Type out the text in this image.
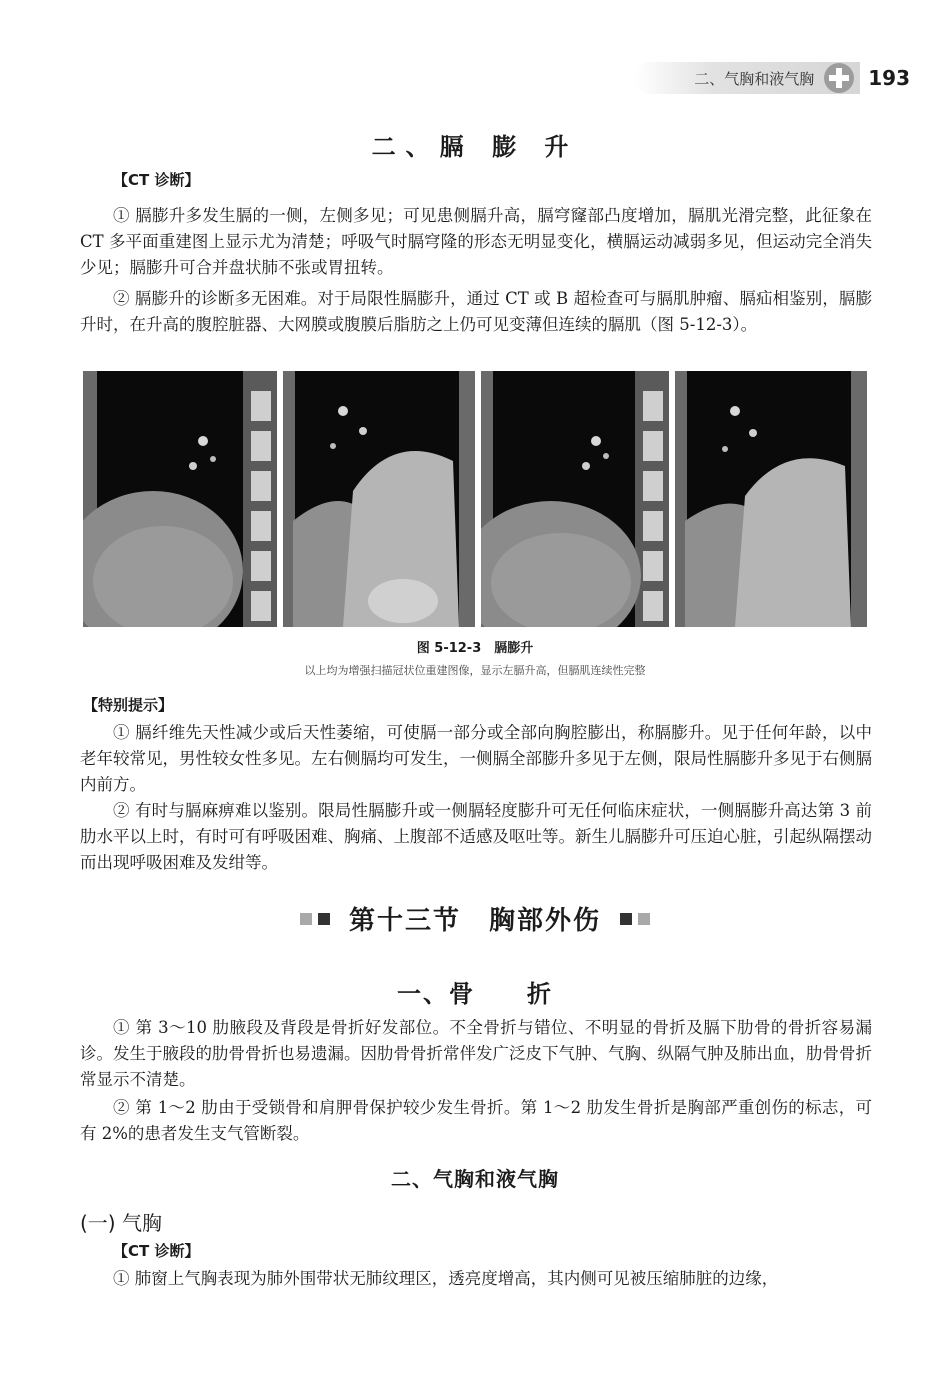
二、气胸和液气胸	193
二、膈 膨 升
【CT 诊断】

① 膈膨升多发生膈的一侧，左侧多见；可见患侧膈升高，膈穹窿部凸度增加，膈肌光滑完整，此征象在 CT 多平面重建图上显示尤为清楚；呼吸气时膈穹隆的形态无明显变化，横膈运动减弱多见，但运动完全消失少见；膈膨升可合并盘状肺不张或胃扭转。

② 膈膨升的诊断多无困难。对于局限性膈膨升，通过 CT 或 B 超检查可与膈肌肿瘤、膈疝相鉴别，膈膨升时，在升高的腹腔脏器、大网膜或腹膜后脂肪之上仍可见变薄但连续的膈肌（图 5-12-3）。

图 5-12-3　膈膨升
以上均为增强扫描冠状位重建图像，显示左膈升高，但膈肌连续性完整
【特别提示】

① 膈纤维先天性减少或后天性萎缩，可使膈一部分或全部向胸腔膨出，称膈膨升。见于任何年龄，以中老年较常见，男性较女性多见。左右侧膈均可发生，一侧膈全部膨升多见于左侧，限局性膈膨升多见于右侧膈内前方。

② 有时与膈麻痹难以鉴别。限局性膈膨升或一侧膈轻度膨升可无任何临床症状，一侧膈膨升高达第 3 前肋水平以上时，有时可有呼吸困难、胸痛、上腹部不适感及呕吐等。新生儿膈膨升可压迫心脏，引起纵隔摆动而出现呼吸困难及发绀等。

第十三节　胸部外伤
一、骨　　折

① 第 3～10 肋腋段及背段是骨折好发部位。不全骨折与错位、不明显的骨折及膈下肋骨的骨折容易漏诊。发生于腋段的肋骨骨折也易遗漏。因肋骨骨折常伴发广泛皮下气肿、气胸、纵隔气肿及肺出血，肋骨骨折常显示不清楚。

② 第 1～2 肋由于受锁骨和肩胛骨保护较少发生骨折。第 1～2 肋发生骨折是胸部严重创伤的标志，可有 2%的患者发生支气管断裂。

二、气胸和液气胸
(一) 气胸
【CT 诊断】

① 肺窗上气胸表现为肺外围带状无肺纹理区，透亮度增高，其内侧可见被压缩肺脏的边缘，
